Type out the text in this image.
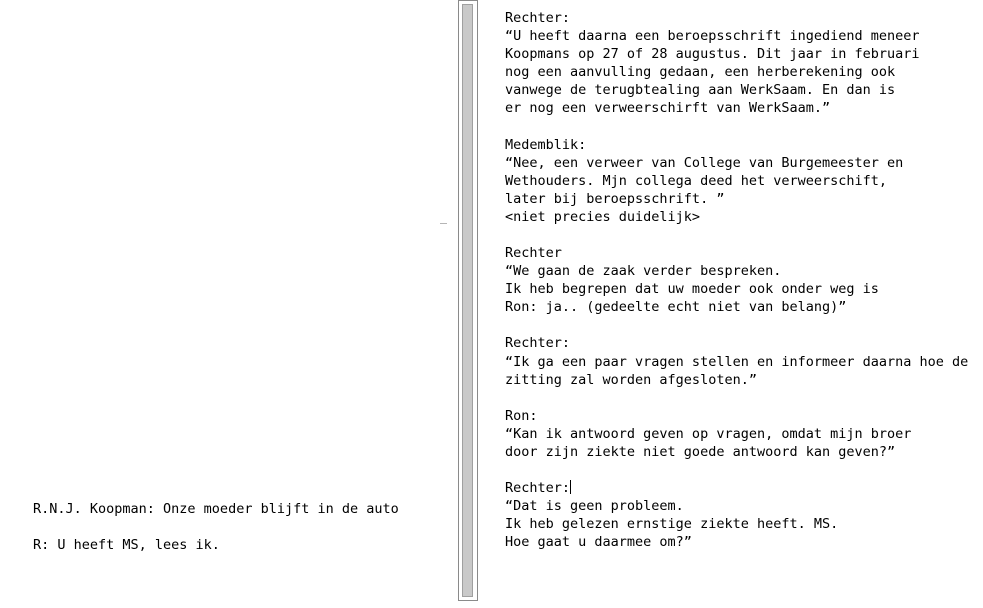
R.N.J. Koopman: Onze moeder blijft in de auto
R: U heeft MS, lees ik.
Rechter:
“U heeft daarna een beroepsschrift ingediend meneer
Koopmans op 27 of 28 augustus. Dit jaar in februari
nog een aanvulling gedaan, een herberekening ook
vanwege de terugbtealing aan WerkSaam. En dan is
er nog een verweerschirft van WerkSaam.”
Medemblik:
“Nee, een verweer van College van Burgemeester en
Wethouders. Mjn collega deed het verweerschift,
later bij beroepsschrift. ”
<niet precies duidelijk>
Rechter
“We gaan de zaak verder bespreken.
Ik heb begrepen dat uw moeder ook onder weg is
Ron: ja.. (gedeelte echt niet van belang)”
Rechter:
“Ik ga een paar vragen stellen en informeer daarna hoe de
zitting zal worden afgesloten.”
Ron:
“Kan ik antwoord geven op vragen, omdat mijn broer
door zijn ziekte niet goede antwoord kan geven?”
Rechter:
“Dat is geen probleem.
Ik heb gelezen ernstige ziekte heeft. MS.
Hoe gaat u daarmee om?”
